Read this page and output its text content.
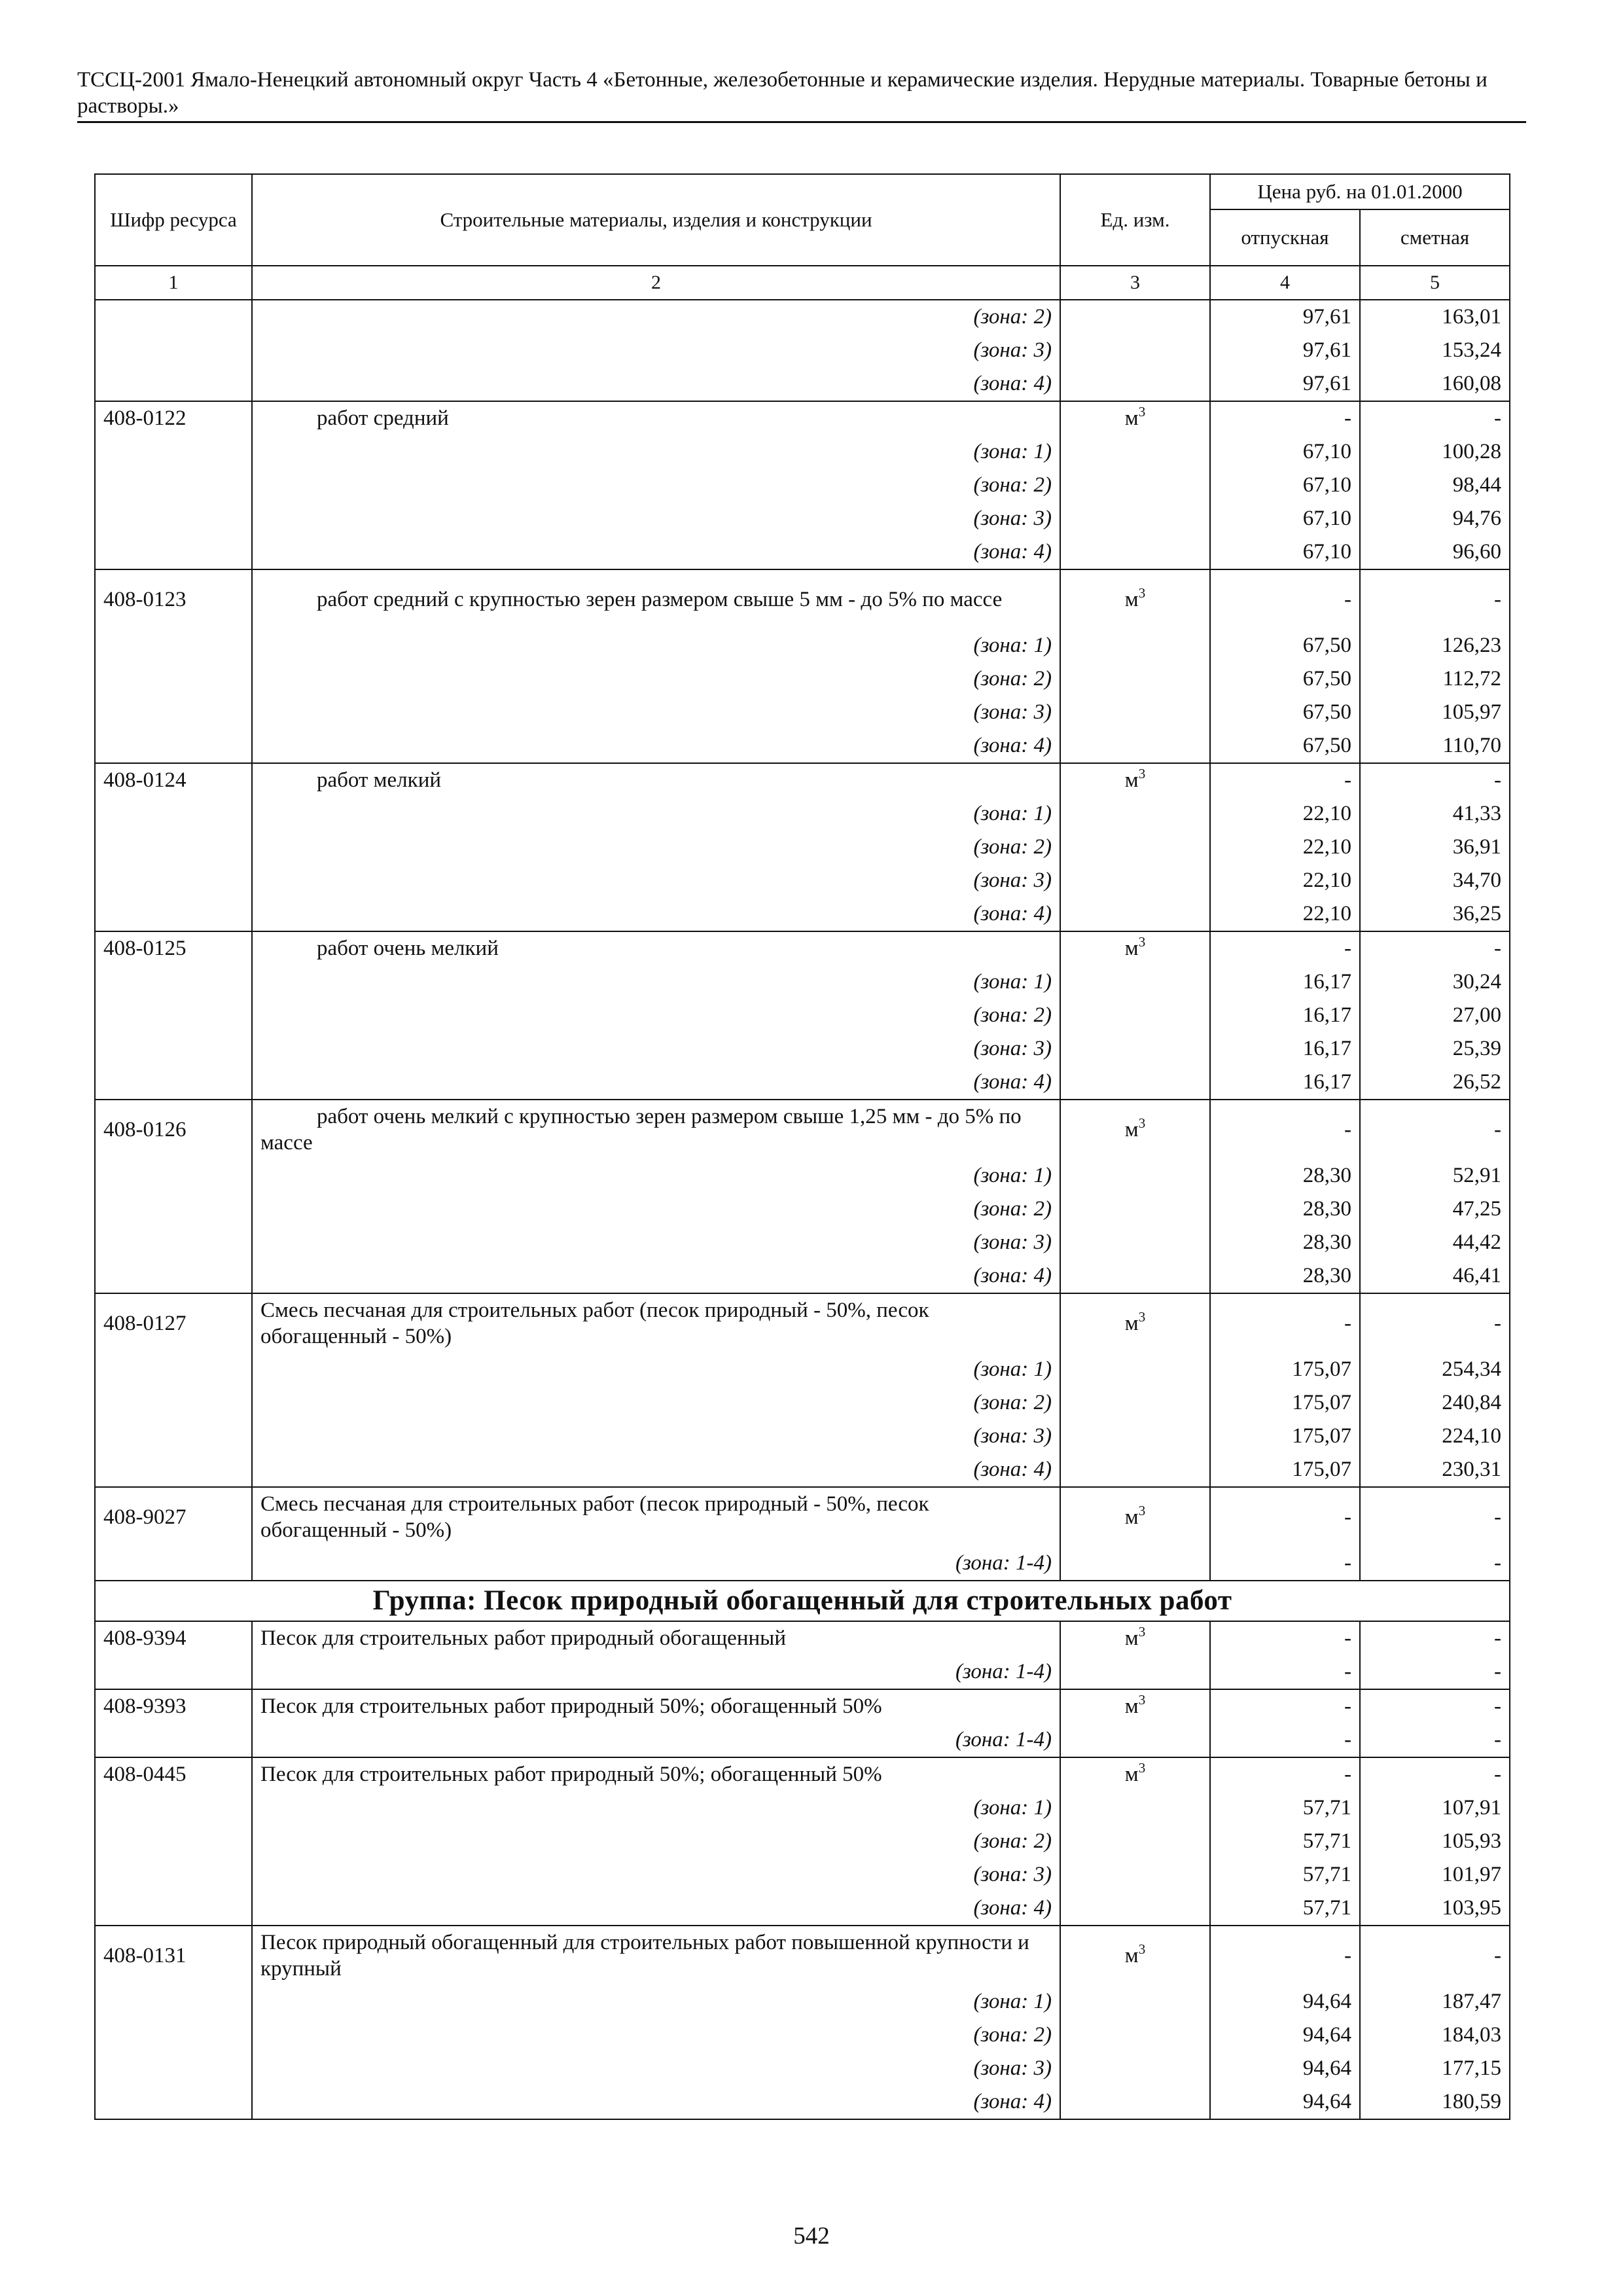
ТССЦ-2001 Ямало-Ненецкий автономный округ Часть 4 «Бетонные, железобетонные и керамические изделия. Нерудные материалы. Товарные бетоны и растворы.»
Шифр ресурса	Строительные материалы, изделия и конструкции	Ед. изм.	Цена руб. на 01.01.2000	
			отпускная	сметная
1	2	3	4	5
	(зона: 2)		97,61	163,01
	(зона: 3)		97,61	153,24
	(зона: 4)		97,61	160,08
408-0122	работ средний	$м^3$	-	-
	(зона: 1)		67,10	100,28
	(зона: 2)		67,10	98,44
	(зона: 3)		67,10	94,76
	(зона: 4)		67,10	96,60
408-0123	работ средний с крупностью зерен размером свыше 5 мм - до 5% по массе	$м^3$	-	-
	(зона: 1)		67,50	126,23
	(зона: 2)		67,50	112,72
	(зона: 3)		67,50	105,97
	(зона: 4)		67,50	110,70
408-0124	работ мелкий	$м^3$	-	-
	(зона: 1)		22,10	41,33
	(зона: 2)		22,10	36,91
	(зона: 3)		22,10	34,70
	(зона: 4)		22,10	36,25
408-0125	работ очень мелкий	$м^3$	-	-
	(зона: 1)		16,17	30,24
	(зона: 2)		16,17	27,00
	(зона: 3)		16,17	25,39
	(зона: 4)		16,17	26,52
408-0126	работ очень мелкий с крупностью зерен размером свыше 1,25 мм - до 5% по массе	$м^3$	-	-
	(зона: 1)		28,30	52,91
	(зона: 2)		28,30	47,25
	(зона: 3)		28,30	44,42
	(зона: 4)		28,30	46,41
408-0127	Смесь песчаная для строительных работ (песок природный - 50%, песок обогащенный - 50%)	$м^3$	-	-
	(зона: 1)		175,07	254,34
	(зона: 2)		175,07	240,84
	(зона: 3)		175,07	224,10
	(зона: 4)		175,07	230,31
408-9027	Смесь песчаная для строительных работ (песок природный - 50%, песок обогащенный - 50%)	$м^3$	-	-
	(зона: 1-4)		-	-
Группа: Песок природный обогащенный для строительных работ				
408-9394	Песок для строительных работ природный обогащенный	$м^3$	-	-
	(зона: 1-4)		-	-
408-9393	Песок для строительных работ природный 50%; обогащенный 50%	$м^3$	-	-
	(зона: 1-4)		-	-
408-0445	Песок для строительных работ природный 50%; обогащенный 50%	$м^3$	-	-
	(зона: 1)		57,71	107,91
	(зона: 2)		57,71	105,93
	(зона: 3)		57,71	101,97
	(зона: 4)		57,71	103,95
408-0131	Песок природный обогащенный для строительных работ повышенной крупности и крупный	$м^3$	-	-
	(зона: 1)		94,64	187,47
	(зона: 2)		94,64	184,03
	(зона: 3)		94,64	177,15
	(зона: 4)		94,64	180,59
542
